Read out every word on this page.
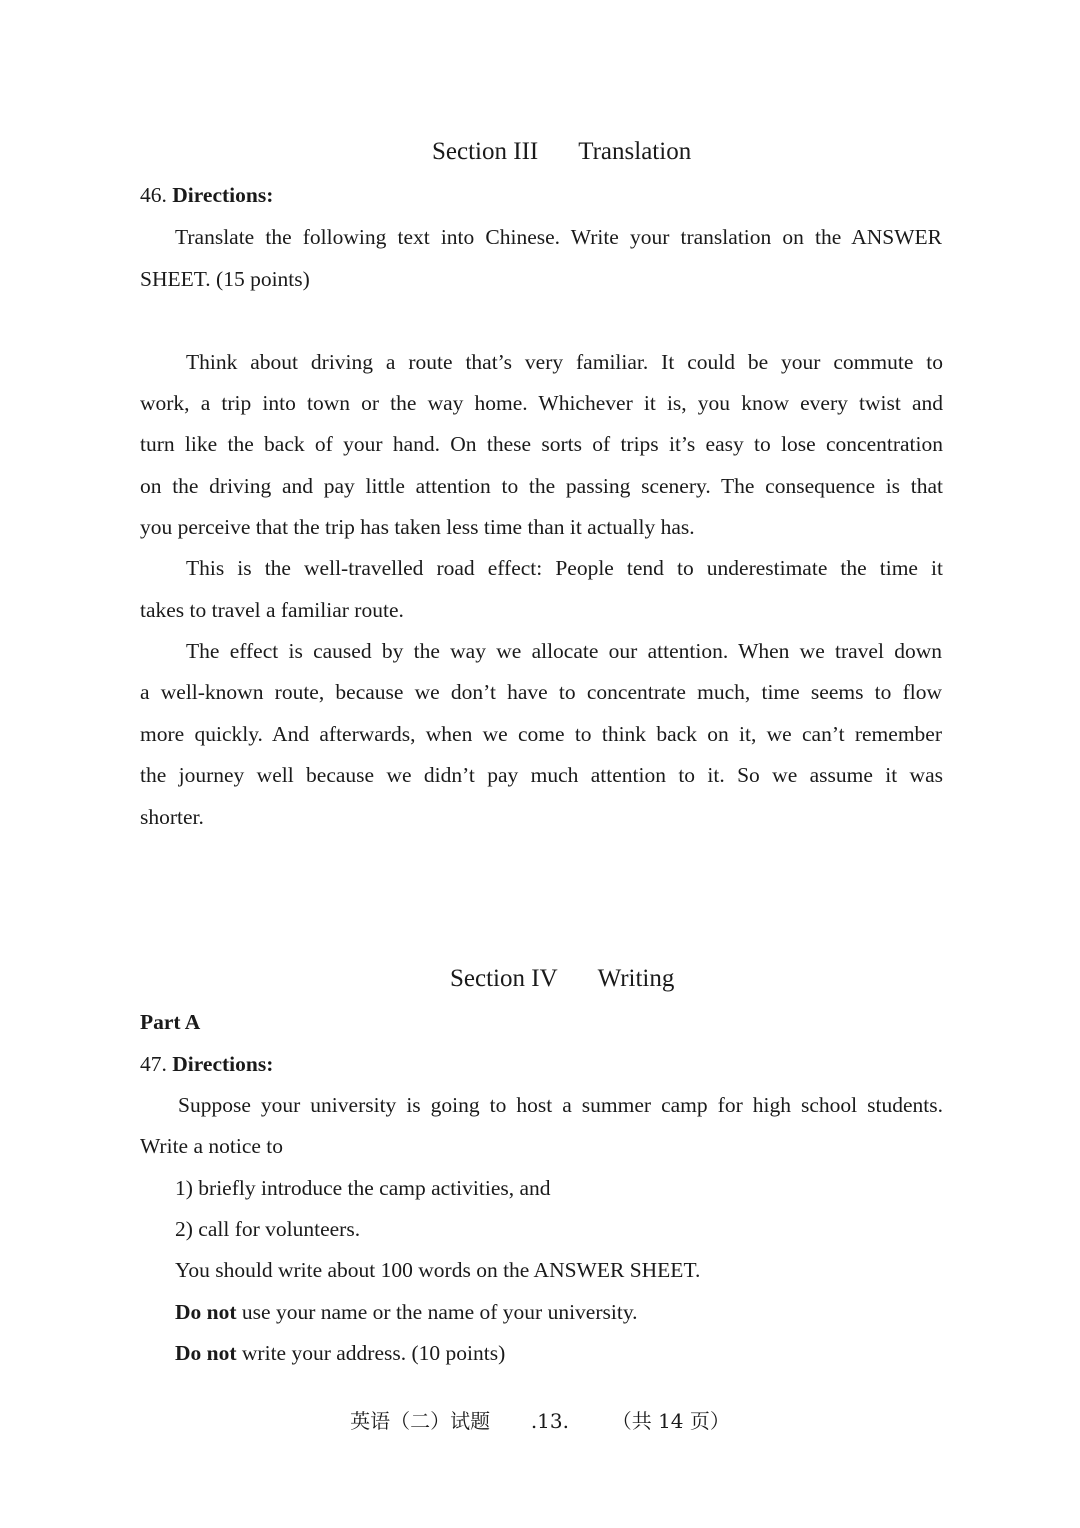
Section III Translation
46. Directions:
Translate the following text into Chinese. Write your translation on the ANSWER
SHEET. (15 points)
Think about driving a route that’s very familiar. It could be your commute to
work, a trip into town or the way home. Whichever it is, you know every twist and
turn like the back of your hand. On these sorts of trips it’s easy to lose concentration
on the driving and pay little attention to the passing scenery. The consequence is that
you perceive that the trip has taken less time than it actually has.
This is the well-travelled road effect: People tend to underestimate the time it
takes to travel a familiar route.
The effect is caused by the way we allocate our attention. When we travel down
a well-known route, because we don’t have to concentrate much, time seems to flow
more quickly. And afterwards, when we come to think back on it, we can’t remember
the journey well because we didn’t pay much attention to it. So we assume it was
shorter.
Section IV Writing
Part A
47. Directions:
Suppose your university is going to host a summer camp for high school students.
Write a notice to
1) briefly introduce the camp activities, and
2) call for volunteers.
You should write about 100 words on the ANSWER SHEET.
Do not use your name or the name of your university.
Do not write your address. (10 points)
英语（二）试题 .13. （共 14 页）
